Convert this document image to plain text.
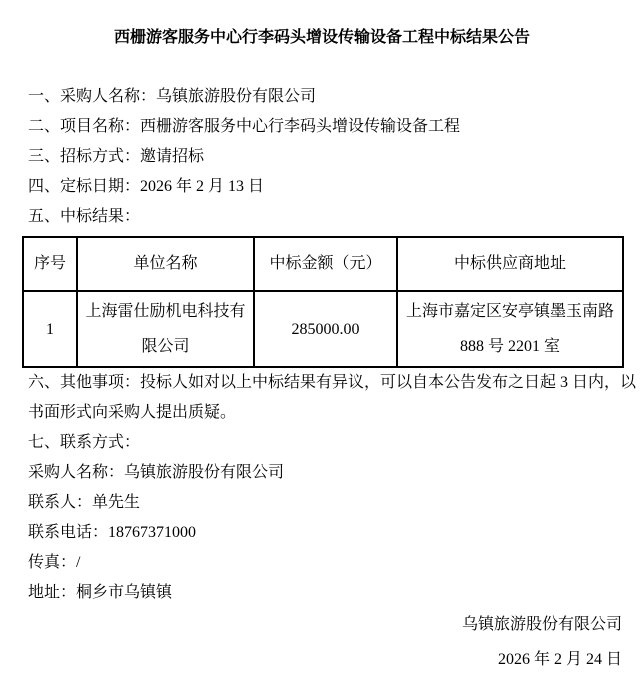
西栅游客服务中心行李码头增设传输设备工程中标结果公告

一、采购人名称：乌镇旅游股份有限公司

二、项目名称：西栅游客服务中心行李码头增设传输设备工程

三、招标方式：邀请招标

四、定标日期：2026 年 2 月 13 日

五、中标结果：

序号	单位名称	中标金额（元）	中标供应商地址
1	上海雷仕励机电科技有限公司	285000.00	上海市嘉定区安亭镇墨玉南路 888 号 2201 室

六、其他事项：投标人如对以上中标结果有异议，可以自本公告发布之日起 3 日内，以书面形式向采购人提出质疑。

七、联系方式：

采购人名称：乌镇旅游股份有限公司

联系人：单先生

联系电话：18767371000

传真：/

地址：桐乡市乌镇镇

乌镇旅游股份有限公司
2026 年 2 月 24 日
